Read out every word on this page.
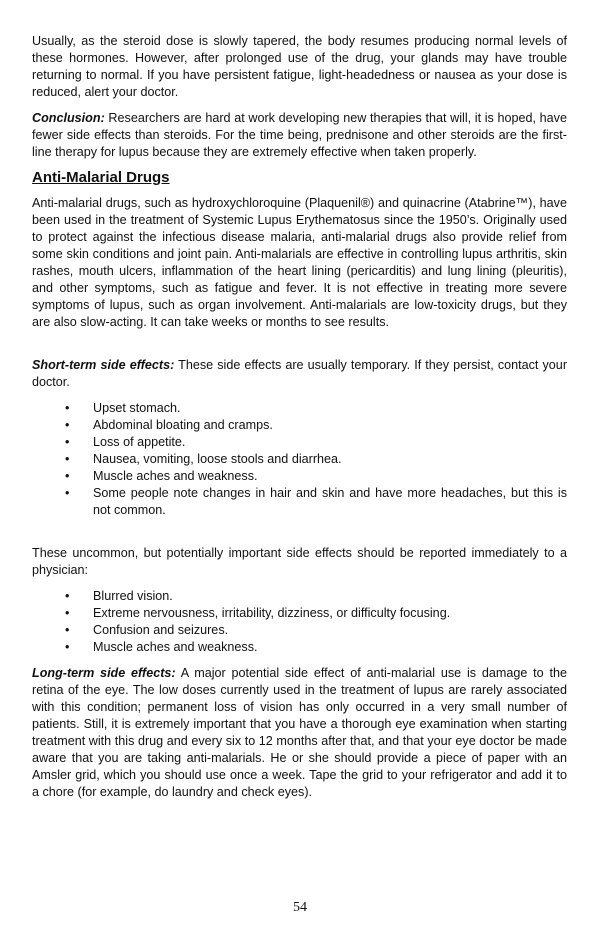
Usually, as the steroid dose is slowly tapered, the body resumes producing normal levels of these hormones. However, after prolonged use of the drug, your glands may have trouble returning to normal. If you have persistent fatigue, light-headedness or nausea as your dose is reduced, alert your doctor.

Conclusion: Researchers are hard at work developing new therapies that will, it is hoped, have fewer side effects than steroids. For the time being, prednisone and other steroids are the first-line therapy for lupus because they are extremely effective when taken properly.

Anti-Malarial Drugs

Anti-malarial drugs, such as hydroxychloroquine (Plaquenil®) and quinacrine (Atabrine™), have been used in the treatment of Systemic Lupus Erythematosus since the 1950’s. Originally used to protect against the infectious disease malaria, anti-malarial drugs also provide relief from some skin conditions and joint pain. Anti-malarials are effective in controlling lupus arthritis, skin rashes, mouth ulcers, inflammation of the heart lining (pericarditis) and lung lining (pleuritis), and other symptoms, such as fatigue and fever. It is not effective in treating more severe symptoms of lupus, such as organ involvement. Anti-malarials are low-toxicity drugs, but they are also slow-acting. It can take weeks or months to see results.

Short-term side effects: These side effects are usually temporary. If they persist, contact your doctor.

• Upset stomach.
• Abdominal bloating and cramps.
• Loss of appetite.
• Nausea, vomiting, loose stools and diarrhea.
• Muscle aches and weakness.
• Some people note changes in hair and skin and have more headaches, but this is not common.

These uncommon, but potentially important side effects should be reported immediately to a physician:

• Blurred vision.
• Extreme nervousness, irritability, dizziness, or difficulty focusing.
• Confusion and seizures.
• Muscle aches and weakness.

Long-term side effects: A major potential side effect of anti-malarial use is damage to the retina of the eye. The low doses currently used in the treatment of lupus are rarely associated with this condition; permanent loss of vision has only occurred in a very small number of patients. Still, it is extremely important that you have a thorough eye examination when starting treatment with this drug and every six to 12 months after that, and that your eye doctor be made aware that you are taking anti-malarials. He or she should provide a piece of paper with an Amsler grid, which you should use once a week. Tape the grid to your refrigerator and add it to a chore (for example, do laundry and check eyes).

54
